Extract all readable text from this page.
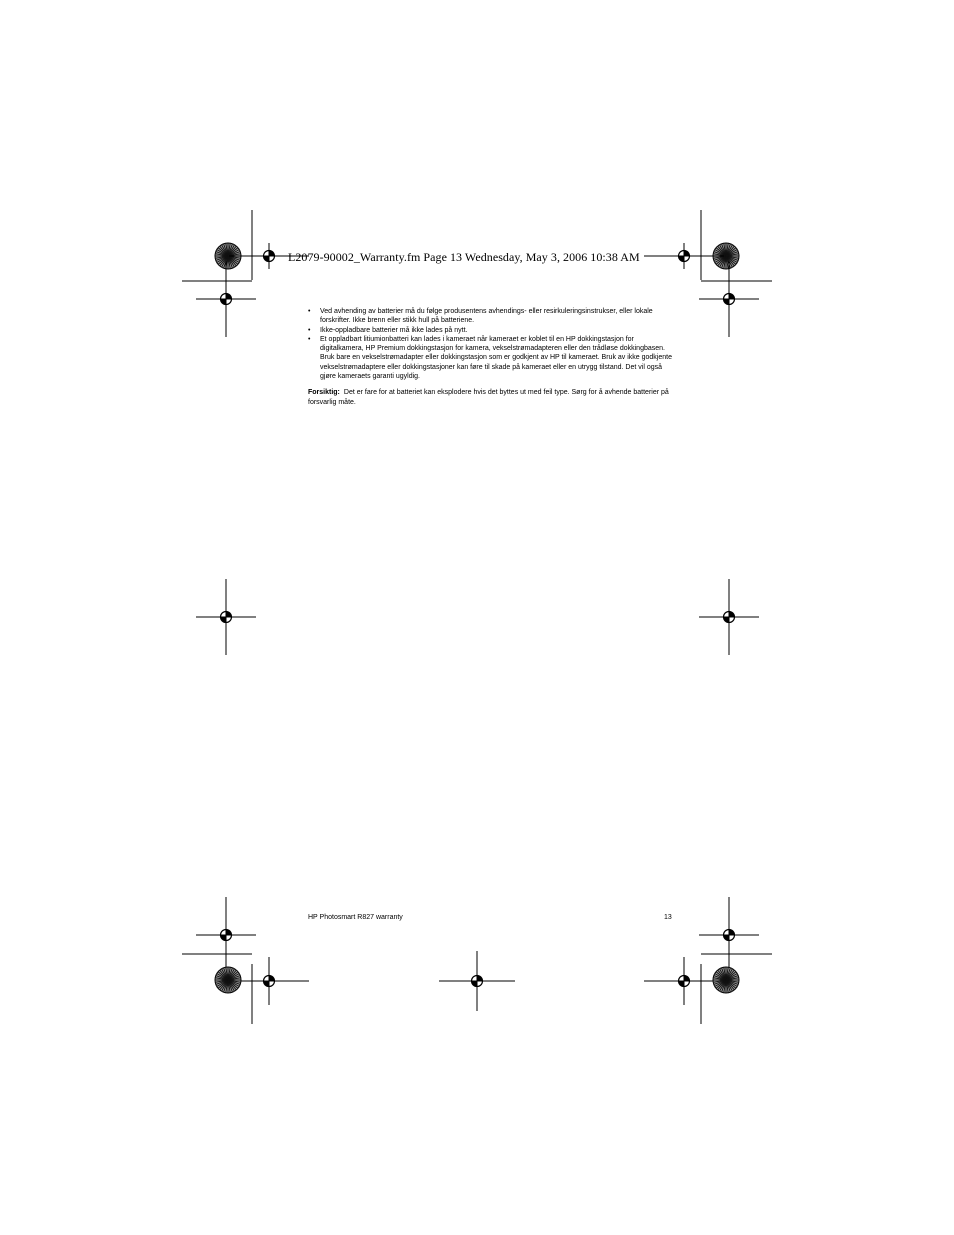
L2079-90002_Warranty.fm Page 13 Wednesday, May 3, 2006 10:38 AM
• Ved avhending av batterier må du følge produsentens avhendings- eller resirkuleringsinstrukser, eller lokale forskrifter. Ikke brenn eller stikk hull på batteriene.
• Ikke-oppladbare batterier må ikke lades på nytt.
• Et oppladbart litiumionbatteri kan lades i kameraet når kameraet er koblet til en HP dokkingstasjon for digitalkamera, HP Premium dokkingstasjon for kamera, vekselstrømadapteren eller den trådløse dokkingbasen. Bruk bare en vekselstrømadapter eller dokkingstasjon som er godkjent av HP til kameraet. Bruk av ikke godkjente vekselstrømadaptere eller dokkingstasjoner kan føre til skade på kameraet eller en utrygg tilstand. Det vil også gjøre kameraets garanti ugyldig.

Forsiktig: Det er fare for at batteriet kan eksplodere hvis det byttes ut med feil type. Sørg for å avhende batterier på forsvarlig måte.

HP Photosmart R827 warranty	13
